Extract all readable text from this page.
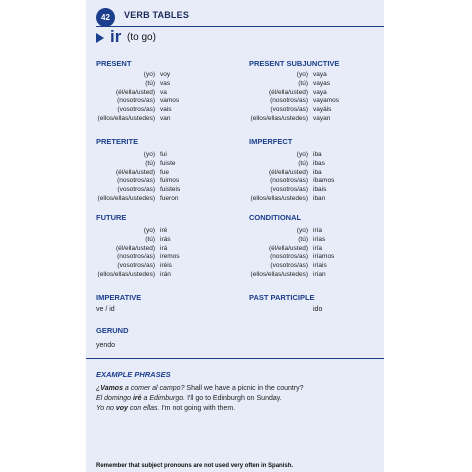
42	VERB TABLES
ir (to go)
PRESENT
(yo) voy
(tú) vas
(él/ella/usted) va
(nosotros/as) vamos
(vosotros/as) vais
(ellos/ellas/ustedes) van
PRETERITE
(yo) fui
(tú) fuiste
(él/ella/usted) fue
(nosotros/as) fuimos
(vosotros/as) fuisteis
(ellos/ellas/ustedes) fueron
FUTURE
(yo) iré
(tú) irás
(él/ella/usted) irá
(nosotros/as) iremos
(vosotros/as) iréis
(ellos/ellas/ustedes) irán
PRESENT SUBJUNCTIVE
(yo) vaya
(tú) vayas
(él/ella/usted) vaya
(nosotros/as) vayamos
(vosotros/as) vayáis
(ellos/ellas/ustedes) vayan
IMPERFECT
(yo) iba
(tú) ibas
(él/ella/usted) iba
(nosotros/as) íbamos
(vosotros/as) ibais
(ellos/ellas/ustedes) iban
CONDITIONAL
(yo) iría
(tú) irías
(él/ella/usted) iría
(nosotros/as) iríamos
(vosotros/as) iríais
(ellos/ellas/ustedes) irían
IMPERATIVE
ve / id
PAST PARTICIPLE
ido
GERUND
yendo
EXAMPLE PHRASES
¿Vamos a comer al campo? Shall we have a picnic in the country?
El domingo iré a Edimburgo. I'll go to Edinburgh on Sunday.
Yo no voy con ellas. I'm not going with them.
Remember that subject pronouns are not used very often in Spanish.
